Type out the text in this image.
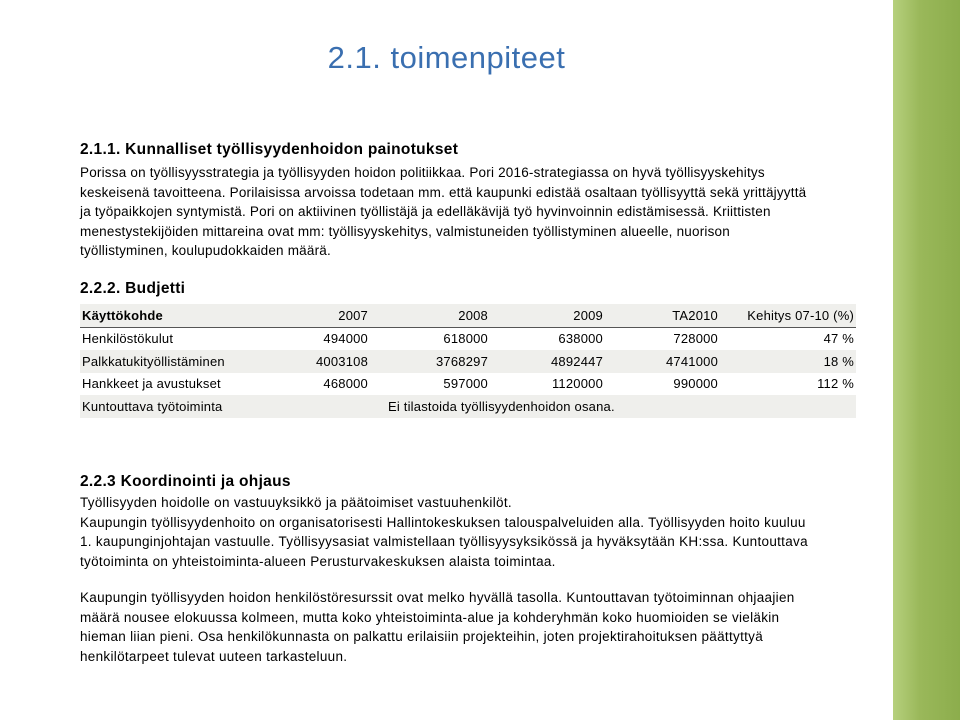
2.1. toimenpiteet
2.1.1. Kunnalliset työllisyydenhoidon painotukset
Porissa on työllisyysstrategia ja työllisyyden hoidon politiikkaa. Pori 2016-strategiassa on hyvä työllisyyskehitys
keskeisenä tavoitteena. Porilaisissa arvoissa todetaan mm. että kaupunki edistää osaltaan työllisyyttä sekä yrittäjyyttä
ja työpaikkojen syntymistä. Pori on aktiivinen työllistäjä ja edelläkävijä työ hyvinvoinnin edistämisessä. Kriittisten
menestystekijöiden mittareina ovat mm: työllisyyskehitys, valmistuneiden työllistyminen alueelle, nuorison
työllistyminen, koulupudokkaiden määrä.
2.2.2. Budjetti
Käyttökohde	2007	2008	2009	TA2010	Kehitys 07-10 (%)
Henkilöstökulut	494000	618000	638000	728000	47 %
Palkkatukityöllistäminen	4003108	3768297	4892447	4741000	18 %
Hankkeet ja avustukset	468000	597000	1120000	990000	112 %
Kuntouttava työtoiminta		Ei tilastoida työllisyydenhoidon osana.			
2.2.3 Koordinointi ja ohjaus
Työllisyyden hoidolle on vastuuyksikkö ja päätoimiset vastuuhenkilöt.
Kaupungin työllisyydenhoito on organisatorisesti Hallintokeskuksen talouspalveluiden alla. Työllisyyden hoito kuuluu
1. kaupunginjohtajan vastuulle. Työllisyysasiat valmistellaan työllisyysyksikössä ja hyväksytään KH:ssa. Kuntouttava
työtoiminta on yhteistoiminta-alueen Perusturvakeskuksen alaista toimintaa.
Kaupungin työllisyyden hoidon henkilöstöresurssit ovat melko hyvällä tasolla. Kuntouttavan työtoiminnan ohjaajien
määrä nousee elokuussa kolmeen, mutta koko yhteistoiminta-alue ja kohderyhmän koko huomioiden se vieläkin
hieman liian pieni. Osa henkilökunnasta on palkattu erilaisiin projekteihin, joten projektirahoituksen päättyttyä
henkilötarpeet tulevat uuteen tarkasteluun.
